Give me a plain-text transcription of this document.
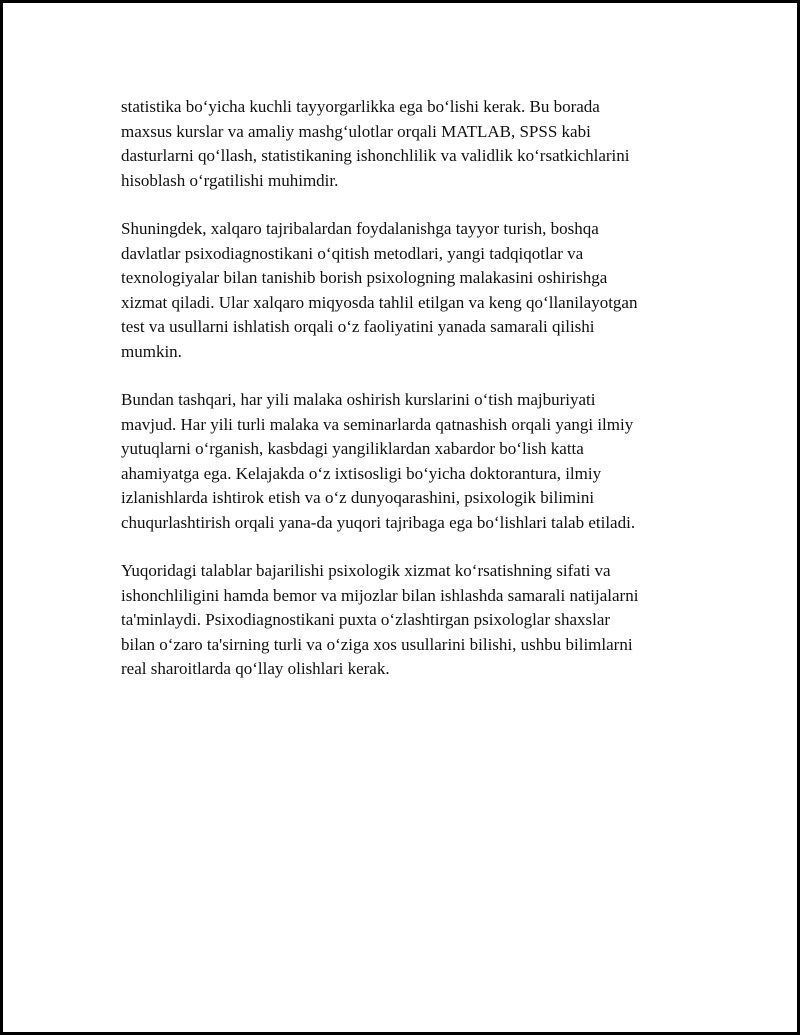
statistika boʻyicha kuchli tayyorgarlikka ega boʻlishi kerak. Bu borada
maxsus kurslar va amaliy mashgʻulotlar orqali MATLAB, SPSS kabi
dasturlarni qoʻllash, statistikaning ishonchlilik va validlik koʻrsatkichlarini
hisoblash oʻrgatilishi muhimdir.

Shuningdek, xalqaro tajribalardan foydalanishga tayyor turish, boshqa
davlatlar psixodiagnostikani oʻqitish metodlari, yangi tadqiqotlar va
texnologiyalar bilan tanishib borish psixologning malakasini oshirishga
xizmat qiladi. Ular xalqaro miqyosda tahlil etilgan va keng qoʻllanilayotgan
test va usullarni ishlatish orqali oʻz faoliyatini yanada samarali qilishi
mumkin.

Bundan tashqari, har yili malaka oshirish kurslarini oʻtish majburiyati
mavjud. Har yili turli malaka va seminarlarda qatnashish orqali yangi ilmiy
yutuqlarni oʻrganish, kasbdagi yangiliklardan xabardor boʻlish katta
ahamiyatga ega. Kelajakda oʻz ixtisosligi boʻyicha doktorantura, ilmiy
izlanishlarda ishtirok etish va oʻz dunyoqarashini, psixologik bilimini
chuqurlashtirish orqali yana-da yuqori tajribaga ega boʻlishlari talab etiladi.

Yuqoridagi talablar bajarilishi psixologik xizmat koʻrsatishning sifati va
ishonchliligini hamda bemor va mijozlar bilan ishlashda samarali natijalarni
ta'minlaydi. Psixodiagnostikani puxta oʻzlashtirgan psixologlar shaxslar
bilan oʻzaro ta'sirning turli va oʻziga xos usullarini bilishi, ushbu bilimlarni
real sharoitlarda qoʻllay olishlari kerak.
